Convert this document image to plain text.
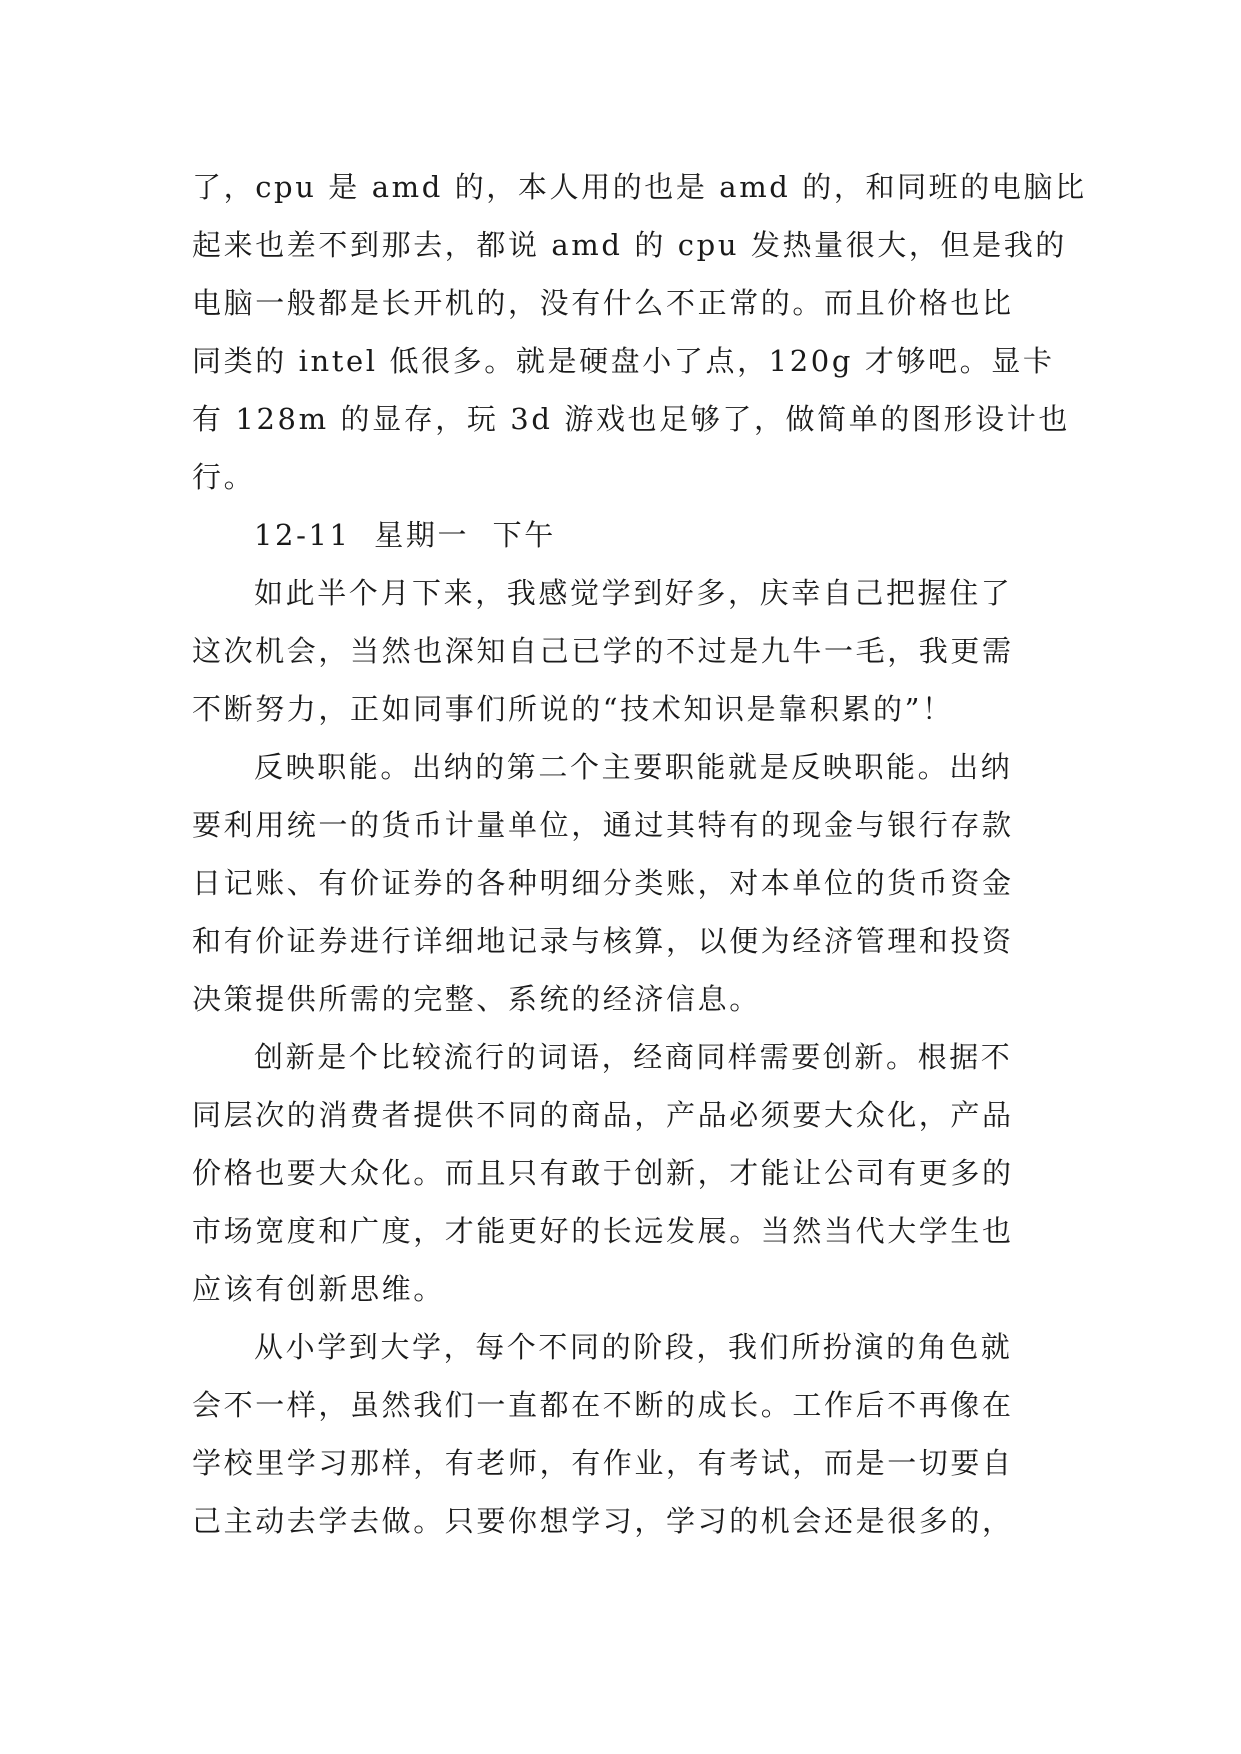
了，cpu 是 amd 的，本人用的也是 amd 的，和同班的电脑比
起来也差不到那去，都说 amd 的 cpu 发热量很大，但是我的
电脑一般都是长开机的，没有什么不正常的。而且价格也比
同类的 intel 低很多。就是硬盘小了点，120g 才够吧。显卡
有 128m 的显存，玩 3d 游戏也足够了，做简单的图形设计也
行。
12-11  星期一  下午
如此半个月下来，我感觉学到好多，庆幸自己把握住了
这次机会，当然也深知自己已学的不过是九牛一毛，我更需
不断努力，正如同事们所说的“技术知识是靠积累的”！
反映职能。出纳的第二个主要职能就是反映职能。出纳
要利用统一的货币计量单位，通过其特有的现金与银行存款
日记账、有价证券的各种明细分类账，对本单位的货币资金
和有价证券进行详细地记录与核算，以便为经济管理和投资
决策提供所需的完整、系统的经济信息。
创新是个比较流行的词语，经商同样需要创新。根据不
同层次的消费者提供不同的商品，产品必须要大众化，产品
价格也要大众化。而且只有敢于创新，才能让公司有更多的
市场宽度和广度，才能更好的长远发展。当然当代大学生也
应该有创新思维。
从小学到大学，每个不同的阶段，我们所扮演的角色就
会不一样，虽然我们一直都在不断的成长。工作后不再像在
学校里学习那样，有老师，有作业，有考试，而是一切要自
己主动去学去做。只要你想学习，学习的机会还是很多的，
